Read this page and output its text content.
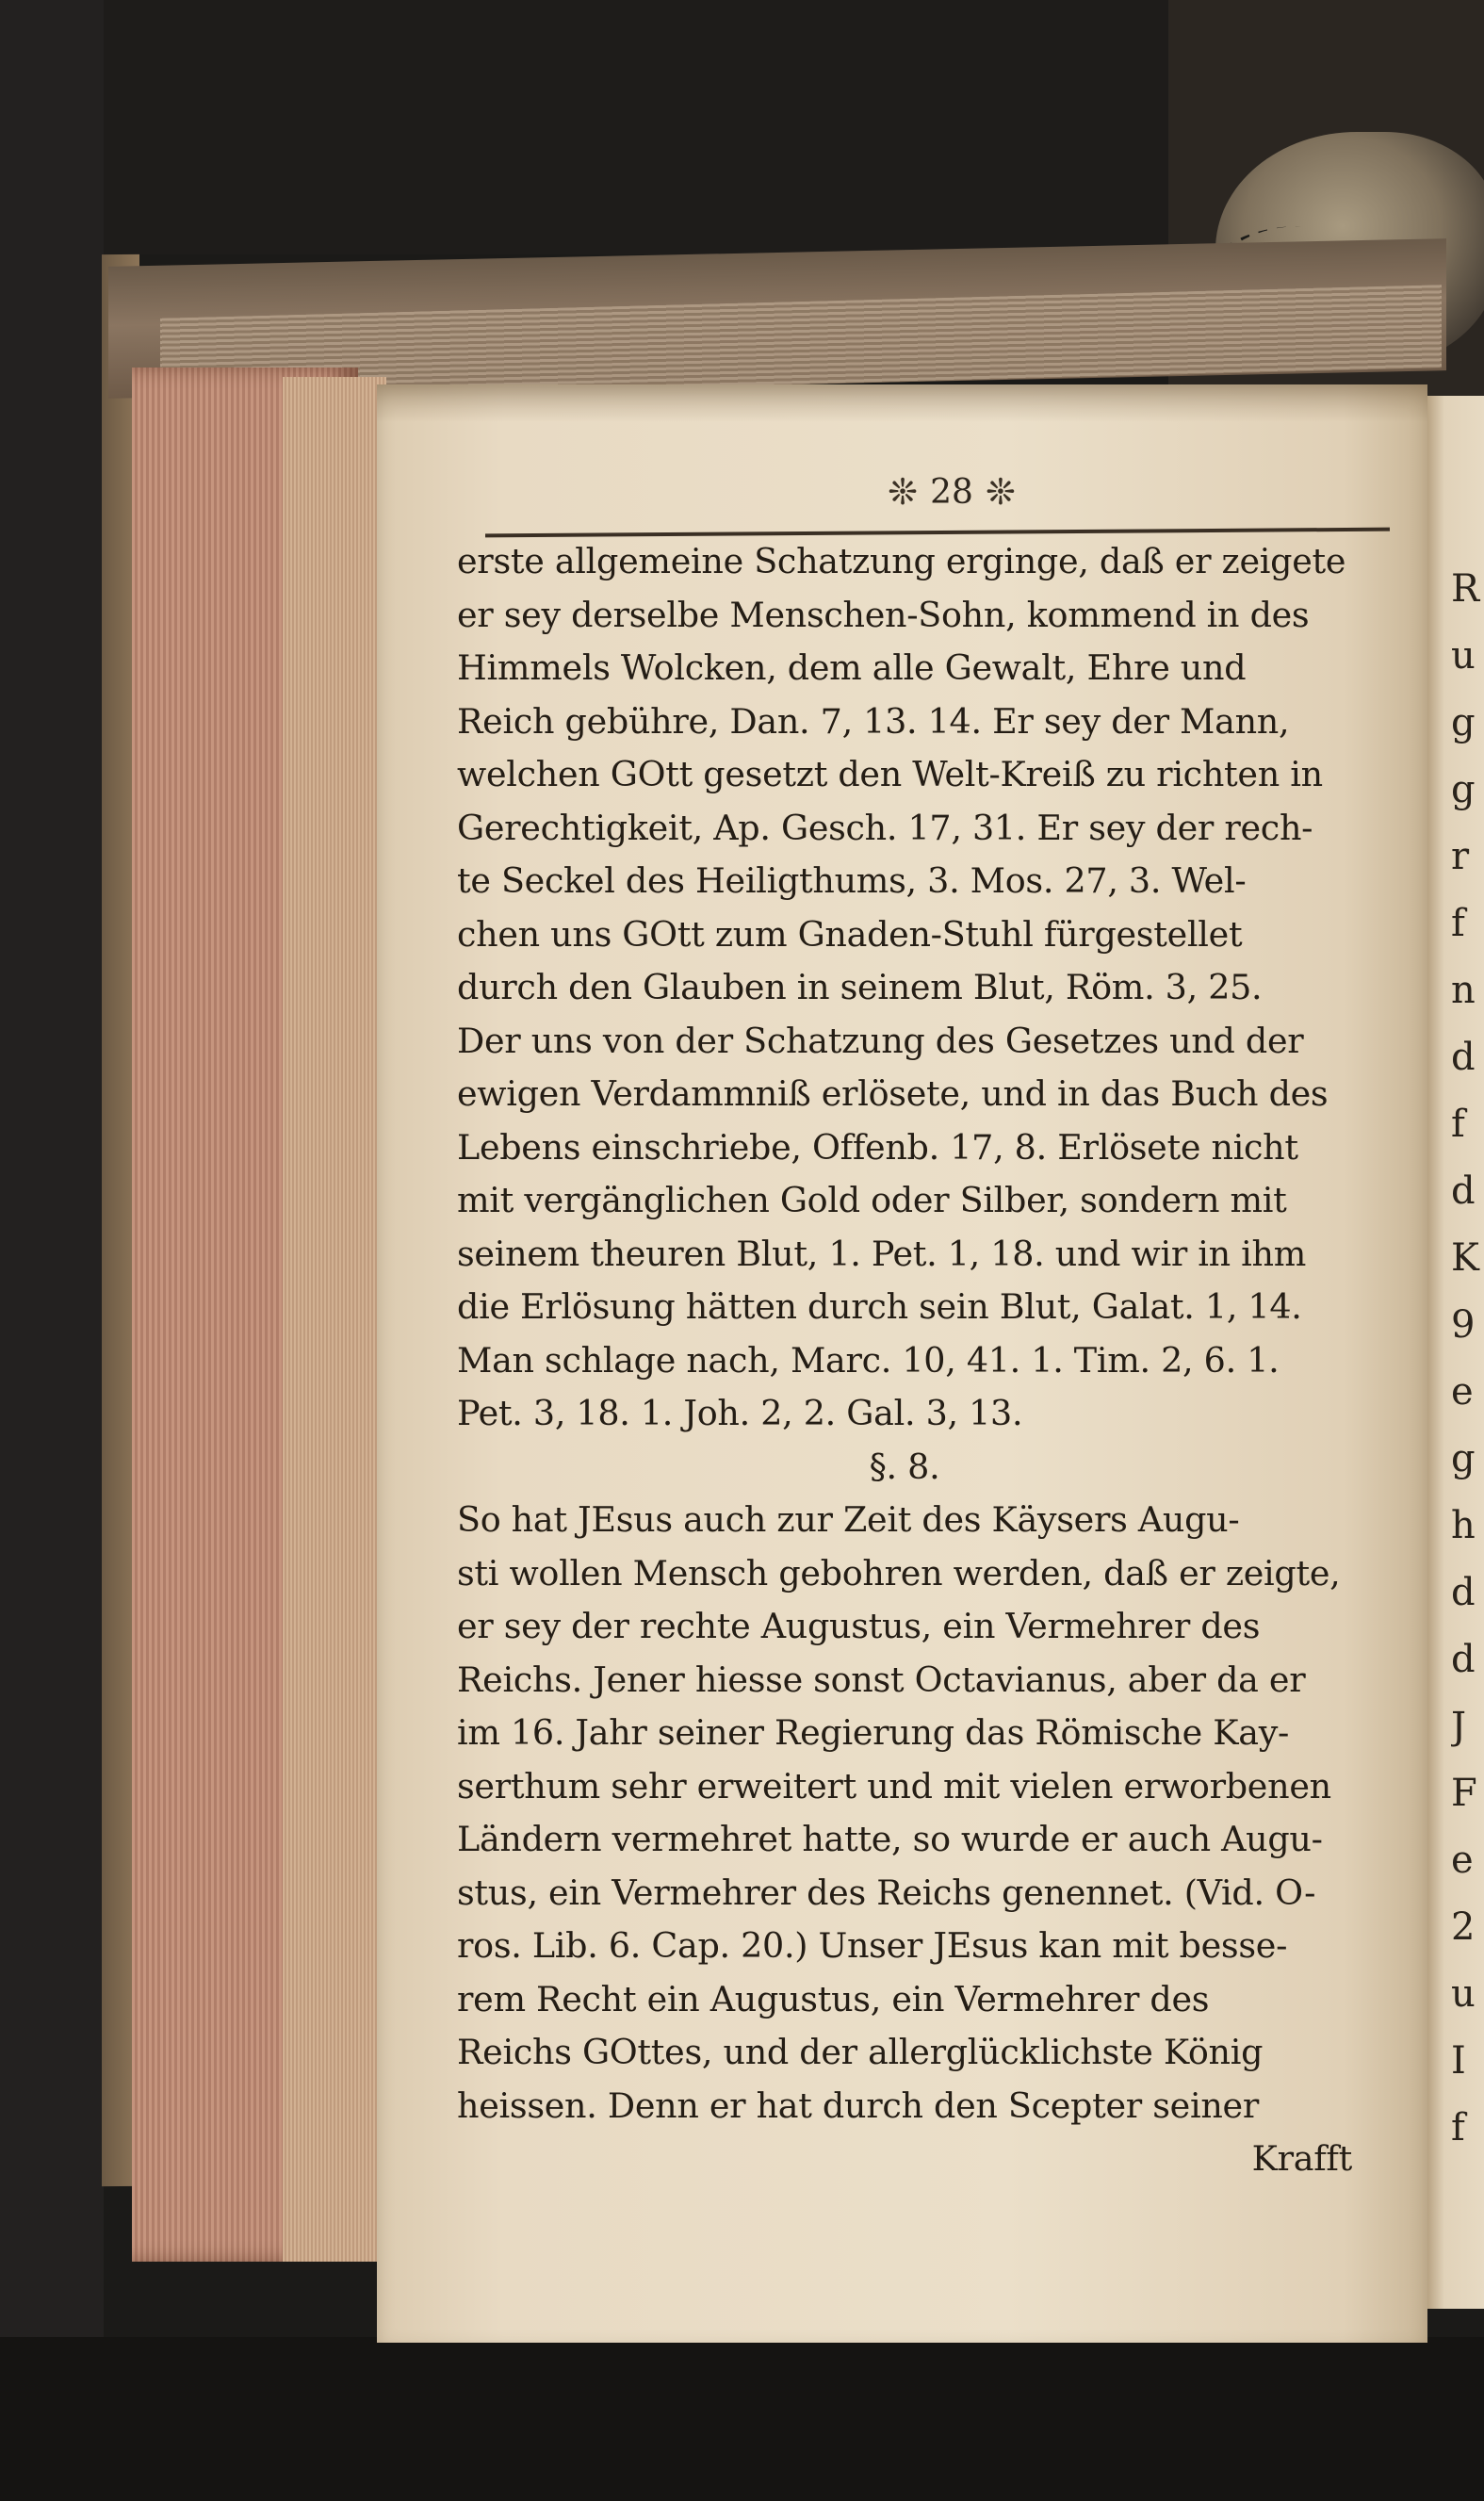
R
u
g
g
r
f
n
d
f
d
K
9
e
g
h
d
d
J
F
e
2
u
I
f
❊ 28 ❊
erste allgemeine Schatzung erginge, daß er zeigete
er sey derselbe Menschen-Sohn, kommend in des
Himmels Wolcken, dem alle Gewalt, Ehre und
Reich gebühre, Dan. 7, 13. 14. Er sey der Mann,
welchen GOtt gesetzt den Welt-Kreiß zu richten in
Gerechtigkeit, Ap. Gesch. 17, 31. Er sey der rech-
te Seckel des Heiligthums, 3. Mos. 27, 3. Wel-
chen uns GOtt zum Gnaden-Stuhl fürgestellet
durch den Glauben in seinem Blut, Röm. 3, 25.
Der uns von der Schatzung des Gesetzes und der
ewigen Verdammniß erlösete, und in das Buch des
Lebens einschriebe, Offenb. 17, 8. Erlösete nicht
mit vergänglichen Gold oder Silber, sondern mit
seinem theuren Blut, 1. Pet. 1, 18. und wir in ihm
die Erlösung hätten durch sein Blut, Galat. 1, 14.
Man schlage nach, Marc. 10, 41. 1. Tim. 2, 6. 1.
Pet. 3, 18. 1. Joh. 2, 2. Gal. 3, 13.
§. 8.
So hat JEsus auch zur Zeit des Käysers Augu-
sti wollen Mensch gebohren werden, daß er zeigte,
er sey der rechte Augustus, ein Vermehrer des
Reichs. Jener hiesse sonst Octavianus, aber da er
im 16. Jahr seiner Regierung das Römische Kay-
serthum sehr erweitert und mit vielen erworbenen
Ländern vermehret hatte, so wurde er auch Augu-
stus, ein Vermehrer des Reichs genennet. (Vid. O-
ros. Lib. 6. Cap. 20.) Unser JEsus kan mit besse-
rem Recht ein Augustus, ein Vermehrer des
Reichs GOttes, und der allerglücklichste König
heissen. Denn er hat durch den Scepter seiner
Krafft
